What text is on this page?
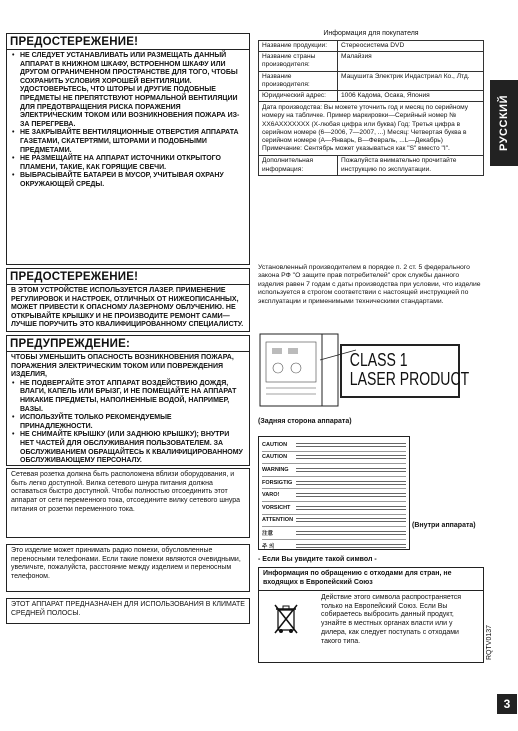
ПРЕДОСТЕРЕЖЕНИЕ!
• НЕ СЛЕДУЕТ УСТАНАВЛИВАТЬ ИЛИ РАЗМЕЩАТЬ ДАННЫЙ АППАРАТ В КНИЖНОМ ШКАФУ, ВСТРОЕННОМ ШКАФУ ИЛИ ДРУГОМ ОГРАНИЧЕННОМ ПРОСТРАНСТВЕ ДЛЯ ТОГО, ЧТОБЫ СОХРАНИТЬ УСЛОВИЯ ХОРОШЕЙ ВЕНТИЛЯЦИИ. УДОСТОВЕРЬТЕСЬ, ЧТО ШТОРЫ И ДРУГИЕ ПОДОБНЫЕ ПРЕДМЕТЫ НЕ ПРЕПЯТСТВУЮТ НОРМАЛЬНОЙ ВЕНТИЛЯЦИИ ДЛЯ ПРЕДОТВРАЩЕНИЯ РИСКА ПОРАЖЕНИЯ ЭЛЕКТРИЧЕСКИМ ТОКОМ ИЛИ ВОЗНИКНОВЕНИЯ ПОЖАРА ИЗ-ЗА ПЕРЕГРЕВА.
• НЕ ЗАКРЫВАЙТЕ ВЕНТИЛЯЦИОННЫЕ ОТВЕРСТИЯ АППАРАТА ГАЗЕТАМИ, СКАТЕРТЯМИ, ШТОРАМИ И ПОДОБНЫМИ ПРЕДМЕТАМИ.
• НЕ РАЗМЕЩАЙТЕ НА АППАРАТ ИСТОЧНИКИ ОТКРЫТОГО ПЛАМЕНИ, ТАКИЕ, КАК ГОРЯЩИЕ СВЕЧИ.
• ВЫБРАСЫВАЙТЕ БАТАРЕИ В МУСОР, УЧИТЫВАЯ ОХРАНУ ОКРУЖАЮЩЕЙ СРЕДЫ.
ПРЕДОСТЕРЕЖЕНИЕ!
В ЭТОМ УСТРОЙСТВЕ ИСПОЛЬЗУЕТСЯ ЛАЗЕР. ПРИМЕНЕНИЕ РЕГУЛИРОВОК И НАСТРОЕК, ОТЛИЧНЫХ ОТ НИЖЕОПИСАННЫХ, МОЖЕТ ПРИВЕСТИ К ОПАСНОМУ ЛАЗЕРНОМУ ОБЛУЧЕНИЮ. НЕ ОТКРЫВАЙТЕ КРЫШКУ И НЕ ПРОИЗВОДИТЕ РЕМОНТ САМИ—ЛУЧШЕ ПОРУЧИТЬ ЭТО КВАЛИФИЦИРОВАННОМУ СПЕЦИАЛИСТУ.
ПРЕДУПРЕЖДЕНИЕ:
ЧТОБЫ УМЕНЬШИТЬ ОПАСНОСТЬ ВОЗНИКНОВЕНИЯ ПОЖАРА, ПОРАЖЕНИЯ ЭЛЕКТРИЧЕСКИМ ТОКОМ ИЛИ ПОВРЕЖДЕНИЯ ИЗДЕЛИЯ,
• НЕ ПОДВЕРГАЙТЕ ЭТОТ АППАРАТ ВОЗДЕЙСТВИЮ ДОЖДЯ, ВЛАГИ, КАПЕЛЬ ИЛИ БРЫЗГ, И НЕ ПОМЕЩАЙТЕ НА АППАРАТ НИКАКИЕ ПРЕДМЕТЫ, НАПОЛНЕННЫЕ ВОДОЙ, НАПРИМЕР, ВАЗЫ.
• ИСПОЛЬЗУЙТЕ ТОЛЬКО РЕКОМЕНДУЕМЫЕ ПРИНАДЛЕЖНОСТИ.
• НЕ СНИМАЙТЕ КРЫШКУ (ИЛИ ЗАДНЮЮ КРЫШКУ); ВНУТРИ НЕТ ЧАСТЕЙ ДЛЯ ОБСЛУЖИВАНИЯ ПОЛЬЗОВАТЕЛЕМ. ЗА ОБСЛУЖИВАНИЕМ ОБРАЩАЙТЕСЬ К КВАЛИФИЦИРОВАННОМУ ОБСЛУЖИВАЮЩЕМУ ПЕРСОНАЛУ.
Сетевая розетка должна быть расположена вблизи оборудования, и быть легко доступной. Вилка сетевого шнура питания должна оставаться быстро доступной. Чтобы полностью отсоединить этот аппарат от сети переменного тока, отсоедините вилку сетевого шнура питания от розетки переменного тока.
Это изделие может принимать радио помехи, обусловленные переносными телефонами. Если такие помехи являются очевидными, увеличьте, пожалуйста, расстояние между изделием и переносным телефоном.
ЭТОТ АППАРАТ ПРЕДНАЗНАЧЕН ДЛЯ ИСПОЛЬЗОВАНИЯ В КЛИМАТЕ СРЕДНЕЙ ПОЛОСЫ.
Информация для покупателя
Название продукции:	Стереосистема DVD
Название страны производителя:	Малайзия
Название производителя:	Мацушита Электрик Индастриал Ко., Лтд.
Юридический адрес:	1006 Кадома, Осака, Япония
Дата производства: Вы можете уточнить год и месяц по серийному номеру на табличке. Пример маркировки—Серийный номер № XX6AXXXXXXX (X-любая цифра или буква) Год: Третья цифра в серийном номере (6—2006, 7—2007, ...) Месяц: Четвертая буква в серийном номере (A—Январь, B—Февраль, ...L—Декабрь) Примечание: Сентябрь может указываться как "S" вместо "I".	
Дополнительная информация:	Пожалуйста внимательно прочитайте инструкцию по эксплуатации.
РУССКИЙ
Установленный производителем в порядке п. 2 ст. 5 федерального закона РФ "О защите прав потребителей" срок службы данного изделия равен 7 годам с даты производства при условии, что изделие используется в строгом соответствии с настоящей инструкцией по эксплуатации и применимыми техническими стандартами.
CLASS 1
LASER PRODUCT
(Задняя сторона аппарата)
CAUTION
CAUTION
WARNING
FORSIGTIG
VARO!
VORSICHT
ATTENTION
注意
주 의
(Внутри аппарата)
- Если Вы увидите такой символ -
Информация по обращению с отходами для стран, не входящих в Европейский Союз
Действие этого символа распространяется только на Европейский Союз. Если Вы собираетесь выбросить данный продукт, узнайте в местных органах власти или у дилера, как следует поступать с отходами такого типа.	RQTV0137
3
